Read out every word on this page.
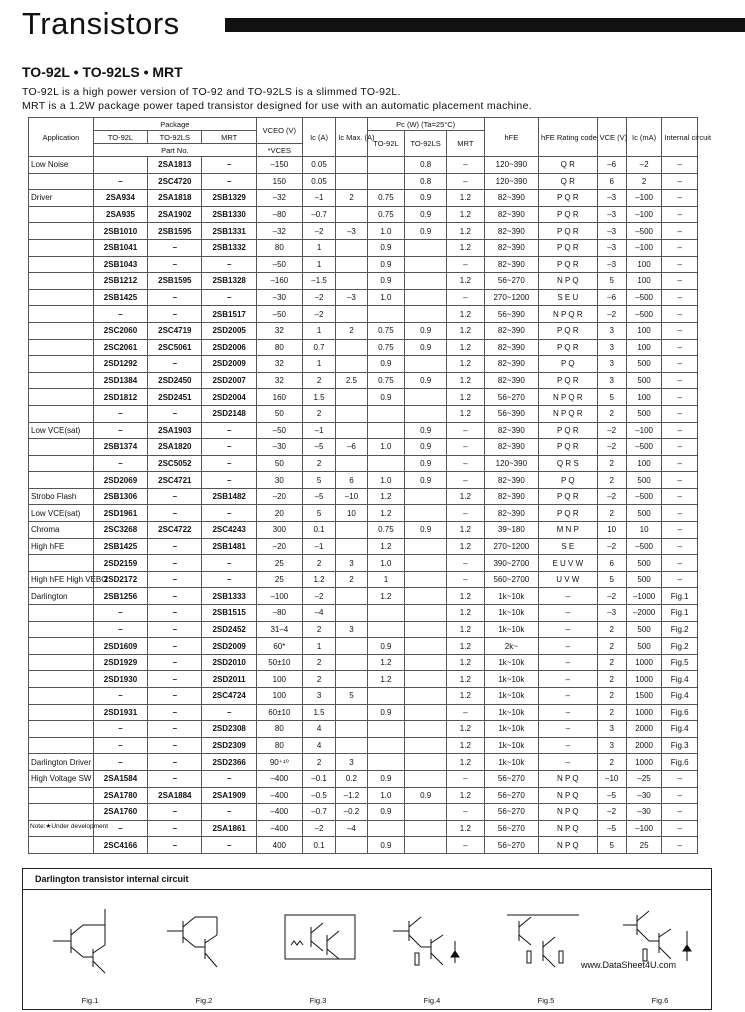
Transistors
TO-92L • TO-92LS • MRT
TO-92L is a high power version of TO-92 and TO-92LS is a slimmed TO-92L.
MRT is a 1.2W package power taped transistor designed for use with an automatic placement machine.
Application	Package			VCEO (V)	Ic (A)	Ic Max. (A)	Pc (W) (Ta=25°C)			hFE	hFE Rating code	VCE (V)	Ic (mA)	Internal circuit
	TO-92L	TO-92LS	MRT				TO-92L	TO-92LS	MRT					
	Part No.			*VCES										
Low Noise		2SA1813	–	–150	0.05			0.8	–	120~390	Q R	–6	–2	–
	–	2SC4720	–	150	0.05			0.8	–	120~390	Q R	6	2	–
Driver	2SA934	2SA1818	2SB1329	–32	–1	2	0.75	0.9	1.2	82~390	P Q R	–3	–100	–
	2SA935	2SA1902	2SB1330	–80	–0.7		0.75	0.9	1.2	82~390	P Q R	–3	–100	–
	2SB1010	2SB1595	2SB1331	–32	–2	–3	1.0	0.9	1.2	82~390	P Q R	–3	–500	–
	2SB1041	–	2SB1332	80	1		0.9		1.2	82~390	P Q R	–3	–100	–
	2SB1043	–	–	–50	1		0.9		–	82~390	P Q R	–3	100	–
	2SB1212	2SB1595	2SB1328	–160	–1.5		0.9		1.2	56~270	N P Q	5	100	–
	2SB1425	–	–	–30	–2	–3	1.0		–	270~1200	S E U	–6	–500	–
	–	–	2SB1517	–50	–2				1.2	56~390	N P Q R	–2	–500	–
	2SC2060	2SC4719	2SD2005	32	1	2	0.75	0.9	1.2	82~390	P Q R	3	100	–
	2SC2061	2SC5061	2SD2006	80	0.7		0.75	0.9	1.2	82~390	P Q R	3	100	–
	2SD1292	–	2SD2009	32	1		0.9		1.2	82~390	P Q	3	500	–
	2SD1384	2SD2450	2SD2007	32	2	2.5	0.75	0.9	1.2	82~390	P Q R	3	500	–
	2SD1812	2SD2451	2SD2004	160	1.5		0.9		1.2	56~270	N P Q R	5	100	–
	–	–	2SD2148	50	2				1.2	56~390	N P Q R	2	500	–
Low VCE(sat)	–	2SA1903	–	–50	–1			0.9	–	82~390	P Q R	–2	–100	–
	2SB1374	2SA1820	–	–30	–5	–6	1.0	0.9	–	82~390	P Q R	–2	–500	–
	–	2SC5052	–	50	2			0.9	–	120~390	Q R S	2	100	–
	2SD2069	2SC4721	–	30	5	6	1.0	0.9	–	82~390	P Q	2	500	–
Strobo Flash	2SB1306	–	2SB1482	–20	–5	–10	1.2		1.2	82~390	P Q R	–2	–500	–
Low VCE(sat)	2SD1961	–	–	20	5	10	1.2		–	82~390	P Q R	2	500	–
Chroma	2SC3268	2SC4722	2SC4243	300	0.1		0.75	0.9	1.2	39~180	M N P	10	10	–
High hFE	2SB1425	–	2SB1481	–20	–1		1.2		1.2	270~1200	S E	–2	–500	–
	2SD2159	–	–	25	2	3	1.0		–	390~2700	E U V W	6	500	–
High hFE High VEBO	2SD2172	–	–	25	1.2	2	1		–	560~2700	U V W	5	500	–
Darlington	2SB1256	–	2SB1333	–100	–2		1.2		1.2	1k~10k	–	–2	–1000	Fig.1
	–	–	2SB1515	–80	–4				1.2	1k~10k	–	–3	–2000	Fig.1
	–	–	2SD2452	31–4	2	3			1.2	1k~10k	–	2	500	Fig.2
	2SD1609	–	2SD2009	60*	1		0.9		1.2	2k~	–	2	500	Fig.2
	2SD1929	–	2SD2010	50±10	2		1.2		1.2	1k~10k	–	2	1000	Fig.5
	2SD1930	–	2SD2011	100	2		1.2		1.2	1k~10k	–	2	1000	Fig.4
	–	–	2SC4724	100	3	5			1.2	1k~10k	–	2	1500	Fig.4
	2SD1931	–	–	60±10	1.5		0.9		–	1k~10k	–	2	1000	Fig.6
	–	–	2SD2308	80	4				1.2	1k~10k	–	3	2000	Fig.4
	–	–	2SD2309	80	4				1.2	1k~10k	–	3	2000	Fig.3
Darlington Driver	–	–	2SD2366	90⁺¹⁰	2	3			1.2	1k~10k	–	2	1000	Fig.6
High Voltage SW	2SA1584	–	–	–400	–0.1	0.2	0.9		–	56~270	N P Q	–10	–25	–
	2SA1780	2SA1884	2SA1909	–400	–0.5	–1.2	1.0	0.9	1.2	56~270	N P Q	–5	–30	–
	2SA1760	–	–	–400	–0.7	–0.2	0.9		–	56~270	N P Q	–2	–30	–
	–	–	2SA1861	–400	–2	–4			1.2	56~270	N P Q	–5	–100	–
	2SC4166	–	–	400	0.1		0.9		–	56~270	N P Q	5	25	–
Note:★Under development
Darlington transistor internal circuit
Fig.1	Fig.2	Fig.3	Fig.4	Fig.5	Fig.6
www.DataSheet4U.com
